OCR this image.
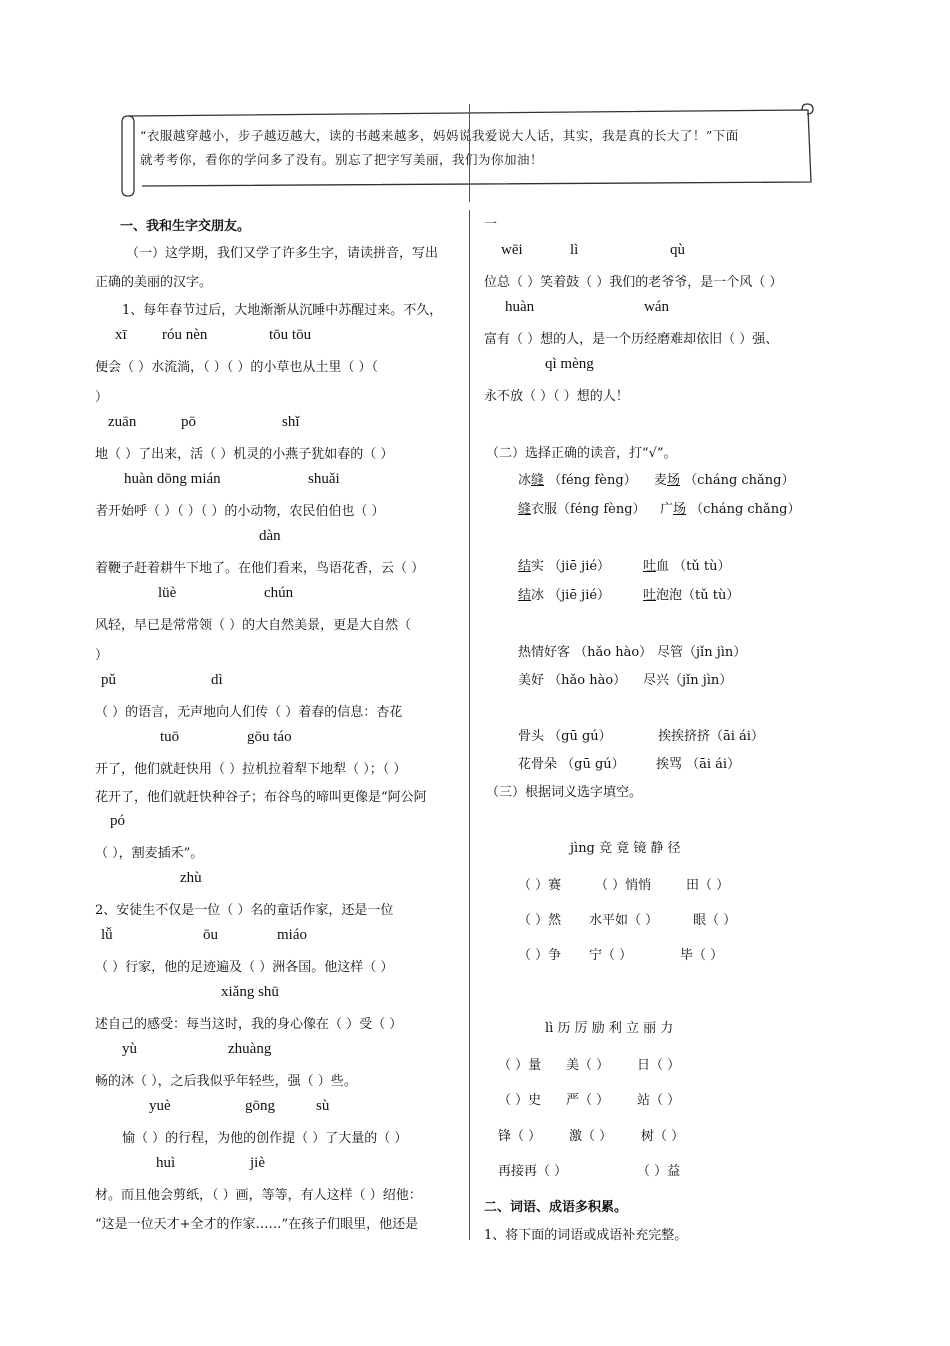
“衣服越穿越小，步子越迈越大，读的书越来越多，妈妈说我爱说大人话，其实，我是真的长大了！”下面
就考考你，看你的学问多了没有。别忘了把字写美丽，我们为你加油！
一、我和生字交朋友。
（一）这学期，我们又学了许多生字，请读拼音，写出
正确的美丽的汉字。
1、每年春节过后，大地渐渐从沉睡中苏醒过来。不久，
xī róu nèn	tōu tōu
便会（ ）水流淌，（ ）（ ）的小草也从土里（ ）（
）
zuān	pō	shǐ
地（ ）了出来，活（ ）机灵的小燕子犹如春的（ ）
huàn dōng mián	shuǎi
者开始呼（ ）（ ）（ ）的小动物，农民伯伯也（ ）
dàn
着鞭子赶着耕牛下地了。在他们看来，鸟语花香，云（ ）
lüè	chún
风轻，早已是常常领（ ）的大自然美景，更是大自然（
）
pǔ	dì
（ ）的语言，无声地向人们传（ ）着春的信息：杏花
tuō	gōu táo
开了，他们就赶快用（ ）拉机拉着犁下地犁（ ）；（ ）
花开了，他们就赶快种谷子；布谷鸟的啼叫更像是“阿公阿
pó
（ ），割麦插禾”。
zhù
2、安徒生不仅是一位（ ）名的童话作家，还是一位
lǚ	ōu	miáo
（ ）行家，他的足迹遍及（ ）洲各国。他这样（ ）
xiǎng shū
述自己的感受：每当这时，我的身心像在（ ）受（ ）
yù	zhuàng
畅的沐（ ），之后我似乎年轻些，强（ ）些。
yuè	gōng	sù
愉（ ）的行程，为他的创作提（ ）了大量的（ ）
huì	jiè
材。而且他会剪纸，（ ）画，等等，有人这样（ ）绍他：
“这是一位天才+全才的作家……”在孩子们眼里，他还是
一
wēi	lì	qù
位总（ ）笑着鼓（ ）我们的老爷爷，是一个风（ ）
huàn	wán
富有（ ）想的人，是一个历经磨难却依旧（ ）强、
qì mèng
永不放（ ）（ ）想的人！
（二）选择正确的读音，打“√”。
冰缝 （féng fèng） 麦场 （cháng chǎng）
缝衣服（féng fèng） 广场 （cháng chǎng）
结实 （jiē jié）	吐血 （tǔ tù）
结冰 （jiē jié）	吐泡泡（tǔ tù）
热情好客 （hǎo hào） 尽管（jǐn jìn）
美好 （hǎo hào） 尽兴（jǐn jìn）
骨头 （gū gú）	挨挨挤挤（āi ái）
花骨朵 （gū gú） 挨骂 （āi ái）
（三）根据词义选字填空。
jìng 竞 竟 镜 静 径
（ ）赛	（ ）悄悄	田（ ）
（ ）然 水平如（ ）	眼（ ）
（ ）争 宁（ ）	毕（ ）
lì 历 厉 励 利 立 丽 力
（ ）量 美（ ） 日（ ）
（ ）史 严（ ） 站（ ）
锋（ ） 激（ ） 树（ ）
再接再（ ）	（ ）益
二、词语、成语多积累。
1、将下面的词语或成语补充完整。
